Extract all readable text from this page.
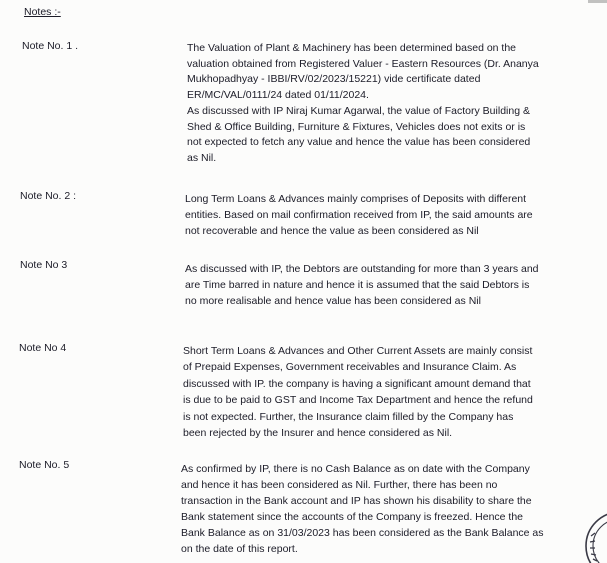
Notes :-
Note No. 1 .	The Valuation of Plant & Machinery has been determined based on the
valuation obtained from Registered Valuer - Eastern Resources (Dr. Ananya
Mukhopadhyay - IBBI/RV/02/2023/15221) vide certificate dated
ER/MC/VAL/0111/24 dated 01/11/2024.
As discussed with IP Niraj Kumar Agarwal, the value of Factory Building &
Shed & Office Building, Furniture & Fixtures, Vehicles does not exits or is
not expected to fetch any value and hence the value has been considered
as Nil.
Note No. 2 :	Long Term Loans & Advances mainly comprises of Deposits with different
entities. Based on mail confirmation received from IP, the said amounts are
not recoverable and hence the value as been considered as Nil
Note No 3	As discussed with IP, the Debtors are outstanding for more than 3 years and
are Time barred in nature and hence it is assumed that the said Debtors is
no more realisable and hence value has been considered as Nil
Note No 4	Short Term Loans & Advances and Other Current Assets are mainly consist
of Prepaid Expenses, Government receivables and Insurance Claim. As
discussed with IP. the company is having a significant amount demand that
is due to be paid to GST and Income Tax Department and hence the refund
is not expected. Further, the Insurance claim filled by the Company has
been rejected by the Insurer and hence considered as Nil.
Note No. 5	As confirmed by IP, there is no Cash Balance as on date with the Company
and hence it has been considered as Nil. Further, there has been no
transaction in the Bank account and IP has shown his disability to share the
Bank statement since the accounts of the Company is freezed. Hence the
Bank Balance as on 31/03/2023 has been considered as the Bank Balance as
on the date of this report.
